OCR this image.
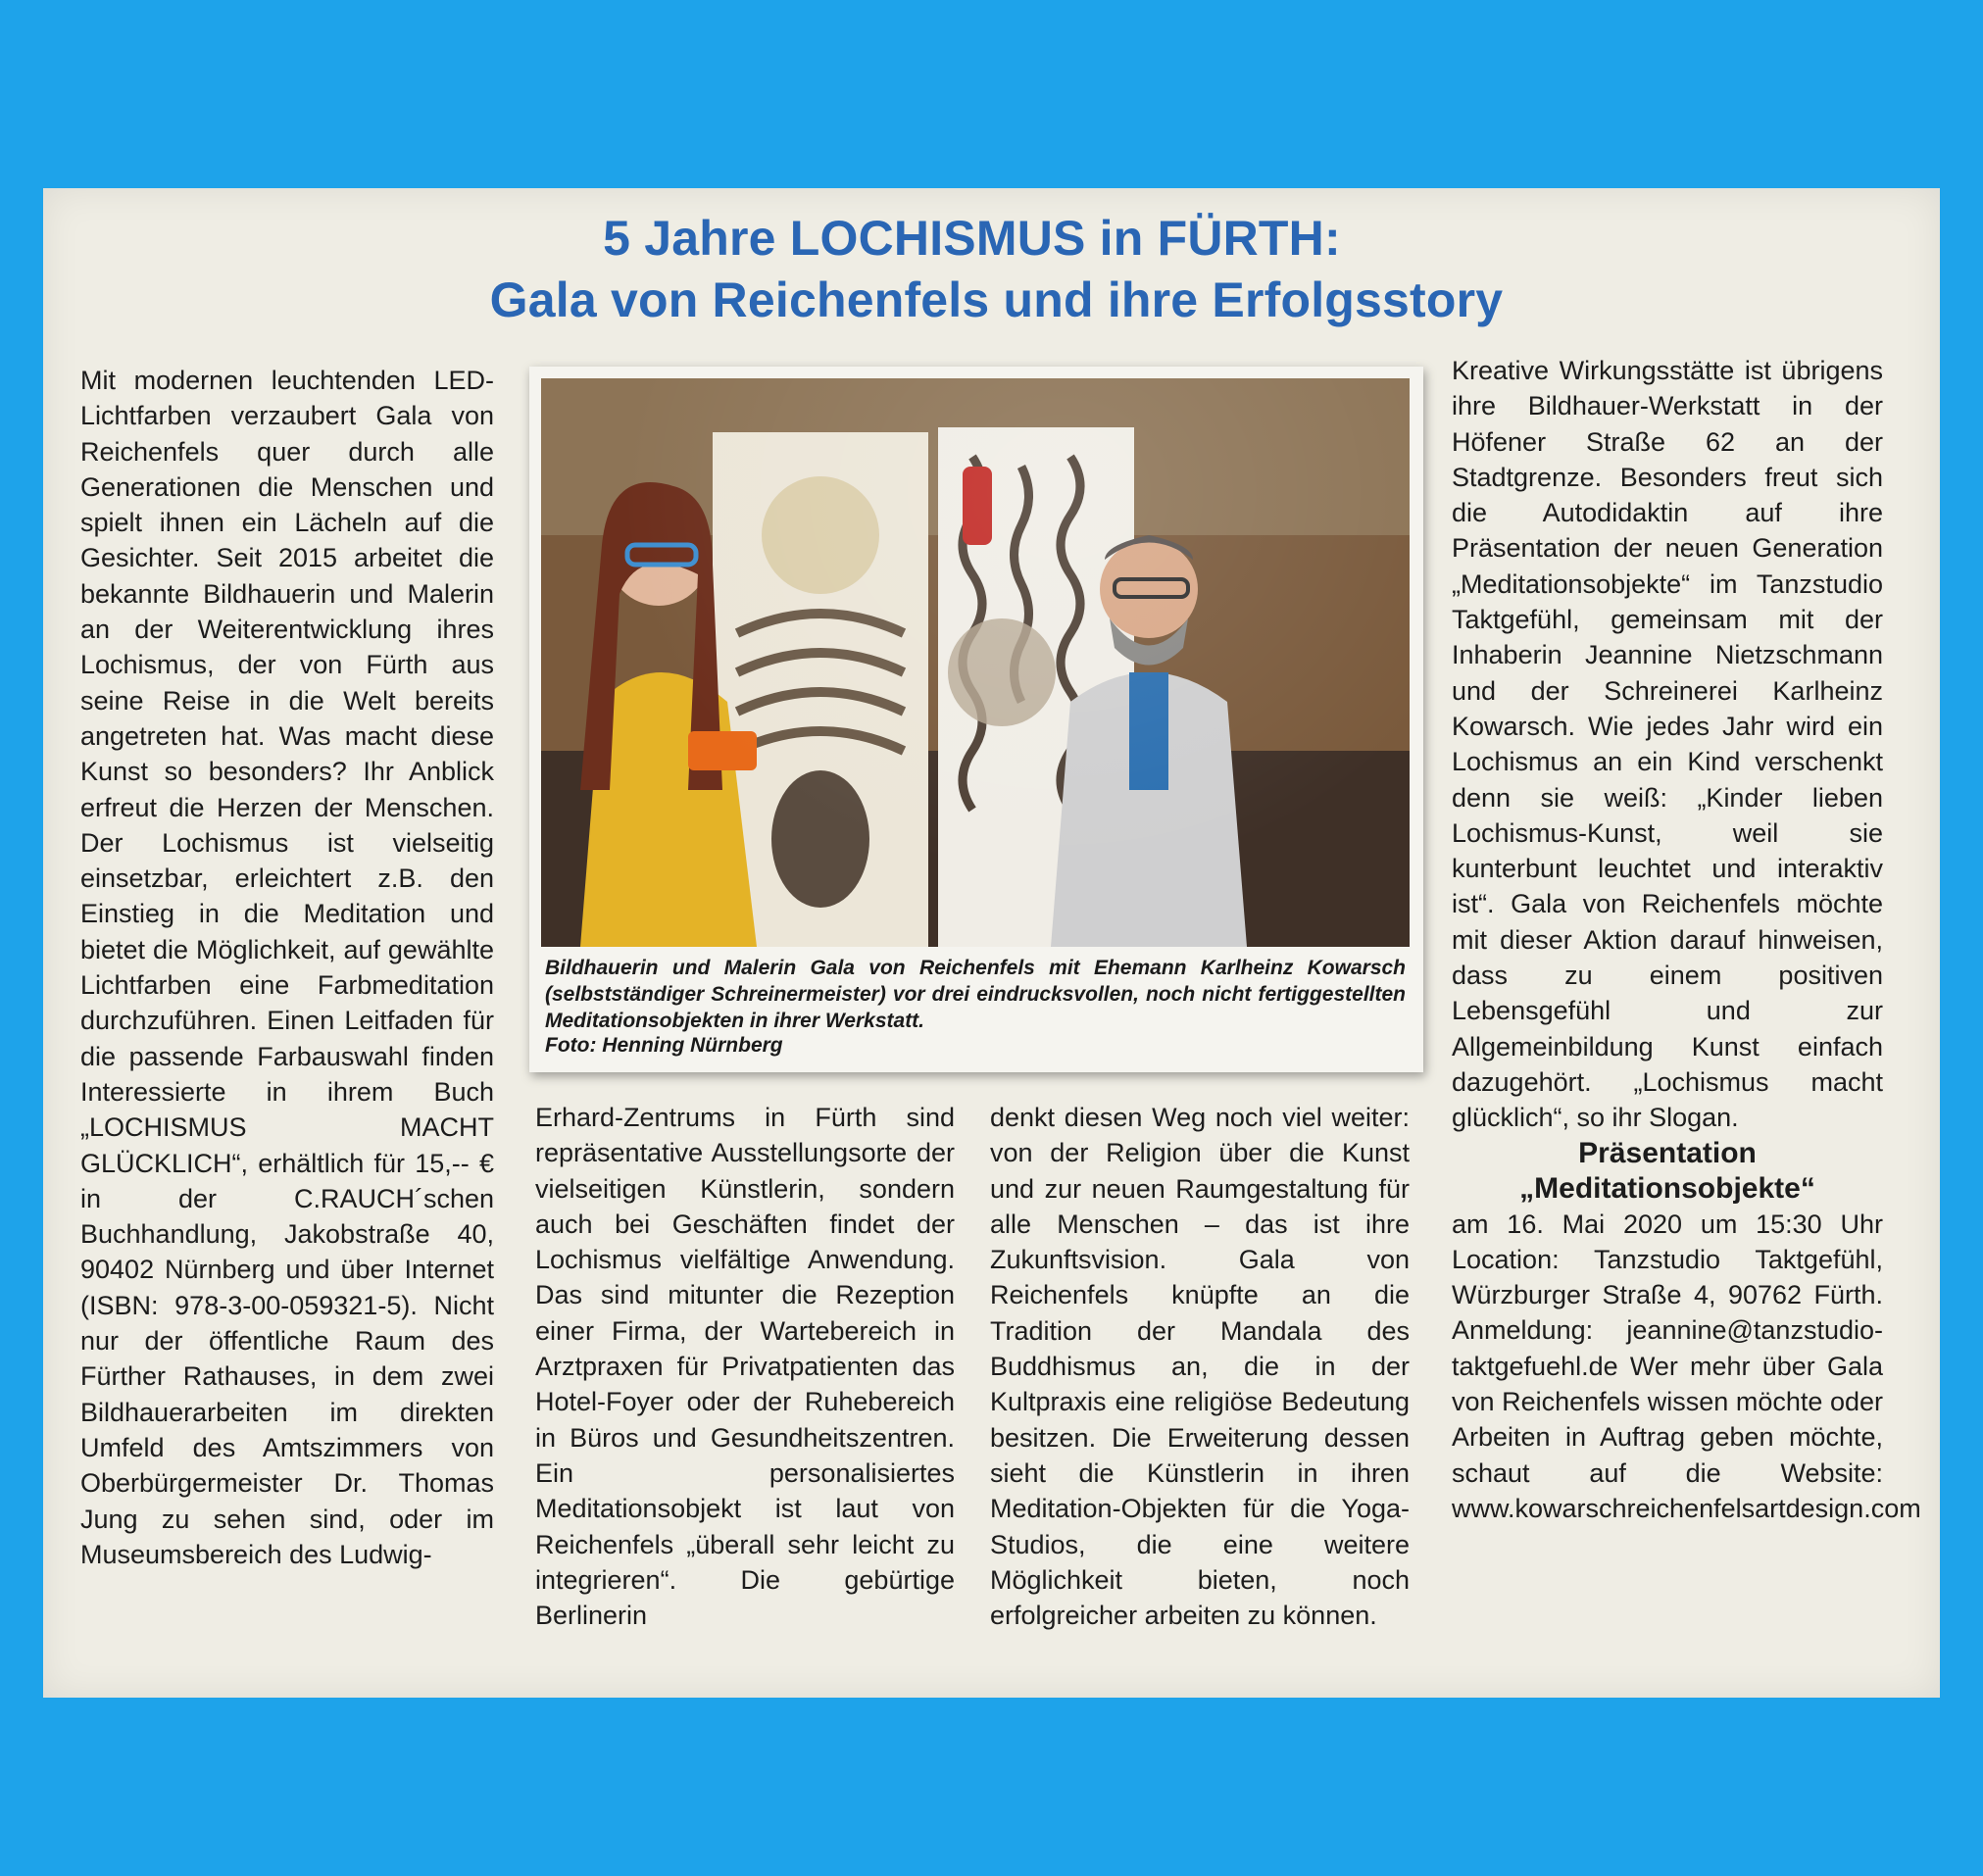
5 Jahre LOCHISMUS in FÜRTH:
Gala von Reichenfels und ihre Erfolgsstory

Mit modernen leuchtenden LED-Lichtfarben verzaubert Gala von Reichenfels quer durch alle Generationen die Menschen und spielt ihnen ein Lächeln auf die Gesichter. Seit 2015 arbeitet die bekannte Bildhauerin und Malerin an der Weiterentwicklung ihres Lochismus, der von Fürth aus seine Reise in die Welt bereits angetreten hat. Was macht diese Kunst so besonders? Ihr Anblick erfreut die Herzen der Menschen. Der Lochismus ist vielseitig einsetzbar, erleichtert z.B. den Einstieg in die Meditation und bietet die Möglichkeit, auf gewählte Lichtfarben eine Farbmeditation durchzuführen. Einen Leitfaden für die passende Farbauswahl finden Interessierte in ihrem Buch „LOCHISMUS MACHT GLÜCKLICH“, erhältlich für 15,-- € in der C.RAUCH´schen Buchhandlung, Jakobstraße 40, 90402 Nürnberg und über Internet (ISBN: 978-3-00-059321-5). Nicht nur der öffentliche Raum des Fürther Rathauses, in dem zwei Bildhauerarbeiten im direkten Umfeld des Amtszimmers von Oberbürgermeister Dr. Thomas Jung zu sehen sind, oder im Museumsbereich des Ludwig-

Bildhauerin und Malerin Gala von Reichenfels mit Ehemann Karlheinz Kowarsch (selbstständiger Schreinermeister) vor drei eindrucksvollen, noch nicht fertiggestellten Meditationsobjekten in ihrer Werkstatt.

Foto: Henning Nürnberg

Erhard-Zentrums in Fürth sind repräsentative Ausstellungsorte der vielseitigen Künstlerin, sondern auch bei Geschäften findet der Lochismus vielfältige Anwendung. Das sind mitunter die Rezeption einer Firma, der Wartebereich in Arztpraxen für Privatpatienten das Hotel-Foyer oder der Ruhebereich in Büros und Gesundheitszentren. Ein personalisiertes Meditationsobjekt ist laut von Reichenfels „überall sehr leicht zu integrieren“. Die gebürtige Berlinerin

denkt diesen Weg noch viel weiter: von der Religion über die Kunst und zur neuen Raumgestaltung für alle Menschen – das ist ihre Zukunftsvision. Gala von Reichenfels knüpfte an die Tradition der Mandala des Buddhismus an, die in der Kultpraxis eine religiöse Bedeutung besitzen. Die Erweiterung dessen sieht die Künstlerin in ihren Meditation-Objekten für die Yoga-Studios, die eine weitere Möglichkeit bieten, noch erfolgreicher arbeiten zu können.

Kreative Wirkungsstätte ist übrigens ihre Bildhauer-Werkstatt in der Höfener Straße 62 an der Stadtgrenze. Besonders freut sich die Autodidaktin auf ihre Präsentation der neuen Generation „Meditationsobjekte“ im Tanzstudio Taktgefühl, gemeinsam mit der Inhaberin Jeannine Nietzschmann und der Schreinerei Karlheinz Kowarsch. Wie jedes Jahr wird ein Lochismus an ein Kind verschenkt denn sie weiß: „Kinder lieben Lochismus-Kunst, weil sie kunterbunt leuchtet und interaktiv ist“. Gala von Reichenfels möchte mit dieser Aktion darauf hinweisen, dass zu einem positiven Lebensgefühl und zur Allgemeinbildung Kunst einfach dazugehört. „Lochismus macht glücklich“, so ihr Slogan.

Präsentation

„Meditationsobjekte“

am 16. Mai 2020 um 15:30 Uhr Location: Tanzstudio Taktgefühl, Würzburger Straße 4, 90762 Fürth. Anmeldung: jeannine@tanzstudio-taktgefuehl.de Wer mehr über Gala von Reichenfels wissen möchte oder Arbeiten in Auftrag geben möchte, schaut auf die Website: www.kowarschreichenfelsartdesign.com
